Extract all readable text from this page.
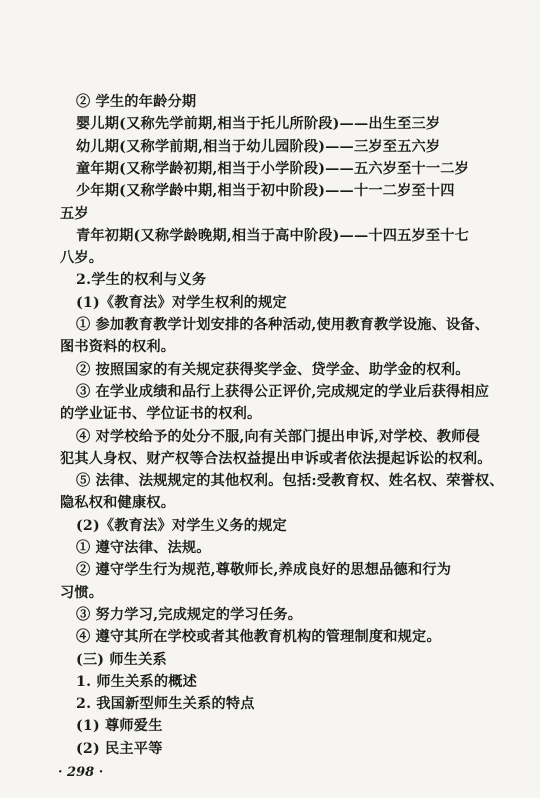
② 学生的年龄分期
婴儿期(又称先学前期,相当于托儿所阶段)——出生至三岁
幼儿期(又称学前期,相当于幼儿园阶段)——三岁至五六岁
童年期(又称学龄初期,相当于小学阶段)——五六岁至十一二岁
少年期(又称学龄中期,相当于初中阶段)——十一二岁至十四
五岁
青年初期(又称学龄晚期,相当于高中阶段)——十四五岁至十七
八岁。
2.学生的权利与义务
(1)《教育法》对学生权利的规定
① 参加教育教学计划安排的各种活动,使用教育教学设施、设备、
图书资料的权利。
② 按照国家的有关规定获得奖学金、贷学金、助学金的权利。
③ 在学业成绩和品行上获得公正评价,完成规定的学业后获得相应
的学业证书、学位证书的权利。
④ 对学校给予的处分不服,向有关部门提出申诉,对学校、教师侵
犯其人身权、财产权等合法权益提出申诉或者依法提起诉讼的权利。
⑤ 法律、法规规定的其他权利。包括:受教育权、姓名权、荣誉权、
隐私权和健康权。
(2)《教育法》对学生义务的规定
① 遵守法律、法规。
② 遵守学生行为规范,尊敬师长,养成良好的思想品德和行为
习惯。
③ 努力学习,完成规定的学习任务。
④ 遵守其所在学校或者其他教育机构的管理制度和规定。
(三) 师生关系
1. 师生关系的概述
2. 我国新型师生关系的特点
(1) 尊师爱生
(2) 民主平等
· 298 ·
